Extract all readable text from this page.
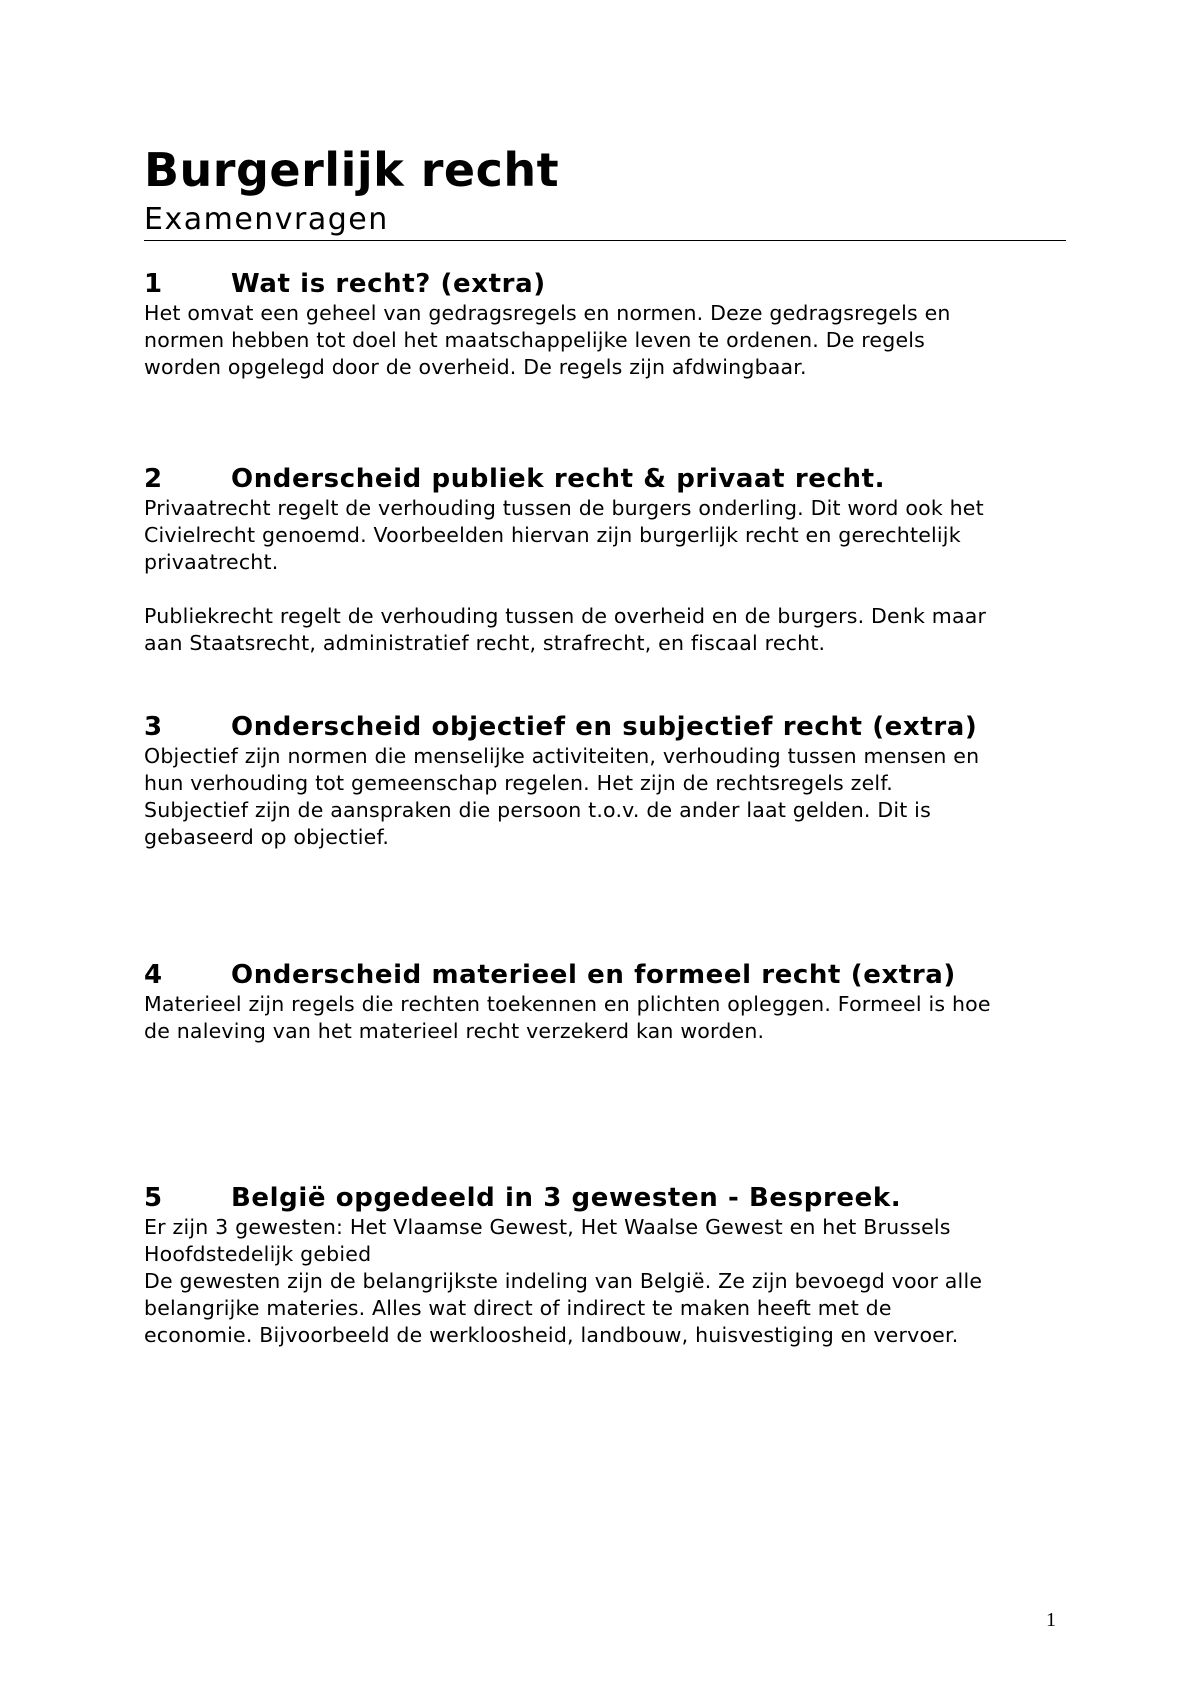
Burgerlijk recht
Examenvragen
1	Wat is recht? (extra)

Het omvat een geheel van gedragsregels en normen. Deze gedragsregels en
normen hebben tot doel het maatschappelijke leven te ordenen. De regels
worden opgelegd door de overheid. De regels zijn afdwingbaar.

2	Onderscheid publiek recht & privaat recht.

Privaatrecht regelt de verhouding tussen de burgers onderling. Dit word ook het
Civielrecht genoemd. Voorbeelden hiervan zijn burgerlijk recht en gerechtelijk
privaatrecht.

Publiekrecht regelt de verhouding tussen de overheid en de burgers. Denk maar
aan Staatsrecht, administratief recht, strafrecht, en fiscaal recht.

3	Onderscheid objectief en subjectief recht (extra)

Objectief zijn normen die menselijke activiteiten, verhouding tussen mensen en
hun verhouding tot gemeenschap regelen. Het zijn de rechtsregels zelf.
Subjectief zijn de aanspraken die persoon t.o.v. de ander laat gelden. Dit is
gebaseerd op objectief.

4	Onderscheid materieel en formeel recht (extra)

Materieel zijn regels die rechten toekennen en plichten opleggen. Formeel is hoe
de naleving van het materieel recht verzekerd kan worden.

5	België opgedeeld in 3 gewesten - Bespreek.

Er zijn 3 gewesten: Het Vlaamse Gewest, Het Waalse Gewest en het Brussels
Hoofdstedelijk gebied
De gewesten zijn de belangrijkste indeling van België. Ze zijn bevoegd voor alle
belangrijke materies. Alles wat direct of indirect te maken heeft met de
economie. Bijvoorbeeld de werkloosheid, landbouw, huisvestiging en vervoer.

1
